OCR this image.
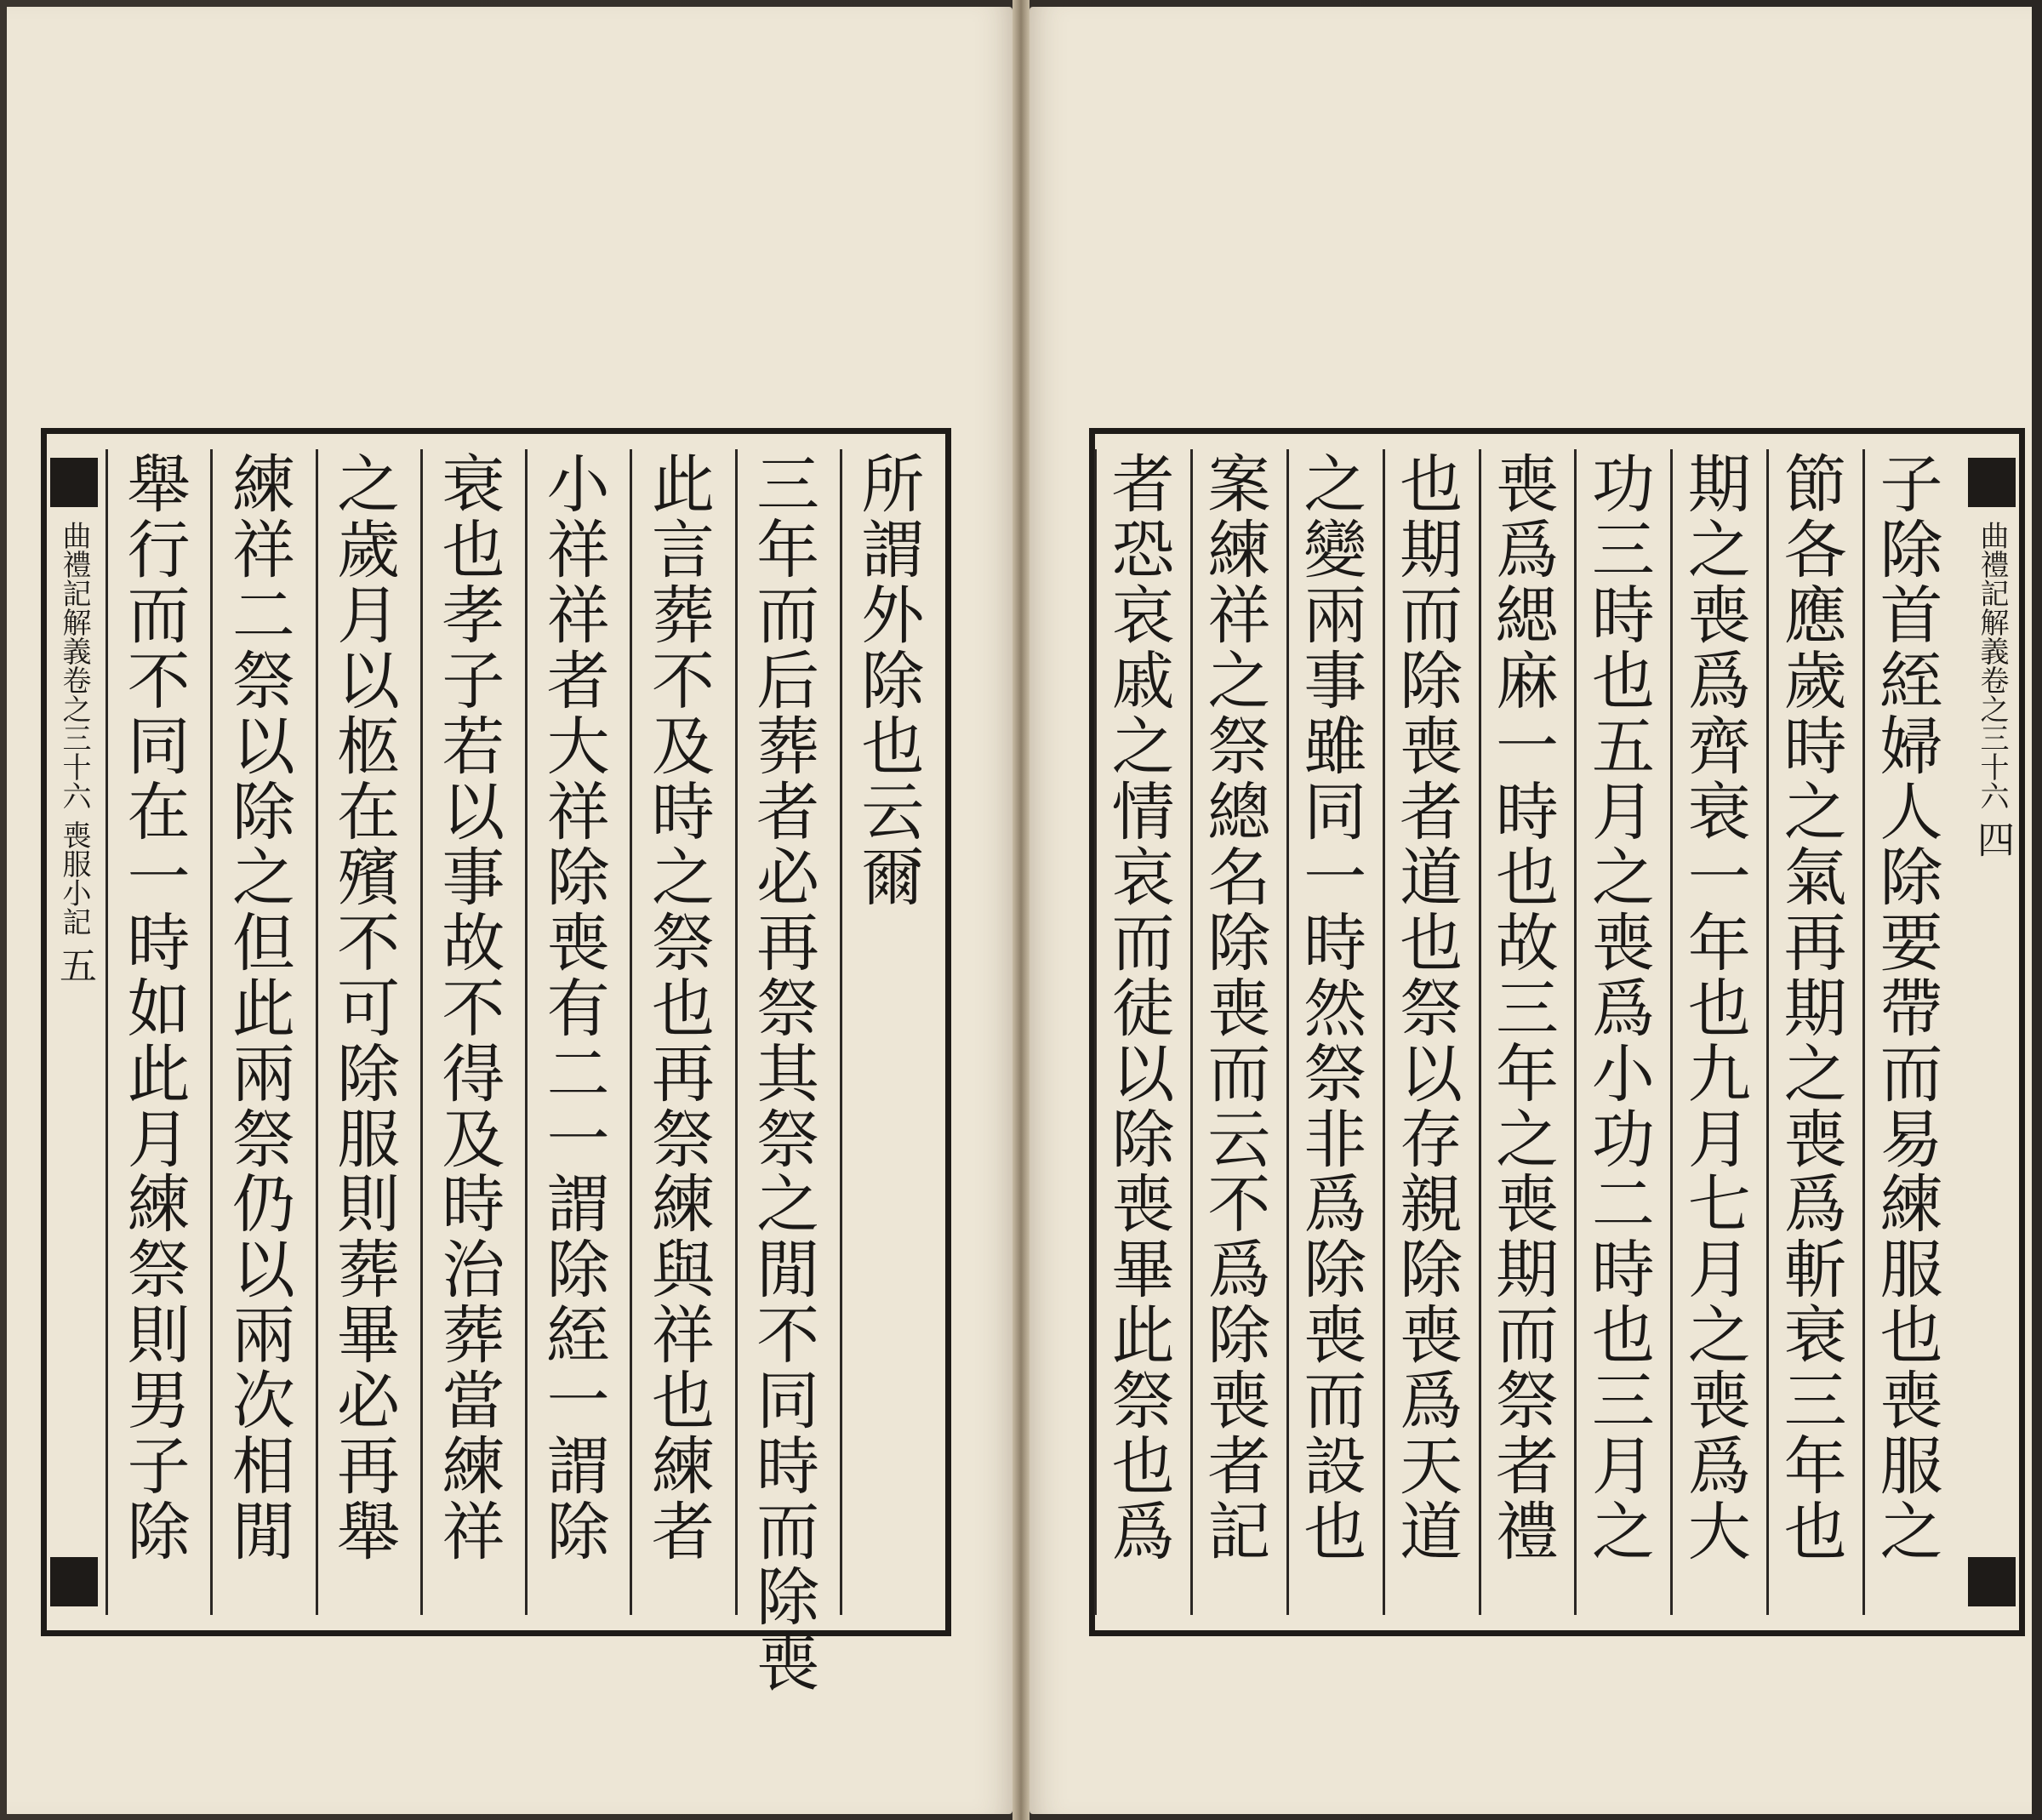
所
謂
外
除
也
云
爾
三
年
而
后
葬
者
必
再
祭
其
祭
之
閒
不
同
時
而
除
喪
此
言
葬
不
及
時
之
祭
也
再
祭
練
與
祥
也
練
者
小
祥
祥
者
大
祥
除
喪
有
二
一
謂
除
絰
一
謂
除
衰
也
孝
子
若
以
事
故
不
得
及
時
治
葬
當
練
祥
之
歲
月
以
柩
在
殯
不
可
除
服
則
葬
畢
必
再
舉
練
祥
二
祭
以
除
之
但
此
兩
祭
仍
以
兩
次
相
閒
舉
行
而
不
同
在
一
時
如
此
月
練
祭
則
男
子
除
曲禮記解義卷之三十六
喪服小記
五
子
除
首
絰
婦
人
除
要
帶
而
易
練
服
也
喪
服
之
節
各
應
歲
時
之
氣
再
期
之
喪
爲
斬
衰
三
年
也
期
之
喪
爲
齊
衰
一
年
也
九
月
七
月
之
喪
爲
大
功
三
時
也
五
月
之
喪
爲
小
功
二
時
也
三
月
之
喪
爲
緦
麻
一
時
也
故
三
年
之
喪
期
而
祭
者
禮
也
期
而
除
喪
者
道
也
祭
以
存
親
除
喪
爲
天
道
之
變
兩
事
雖
同
一
時
然
祭
非
爲
除
喪
而
設
也
案
練
祥
之
祭
總
名
除
喪
而
云
不
爲
除
喪
者
記
者
恐
哀
戚
之
情
哀
而
徒
以
除
喪
畢
此
祭
也
爲
曲禮記解義卷之三十六
四
